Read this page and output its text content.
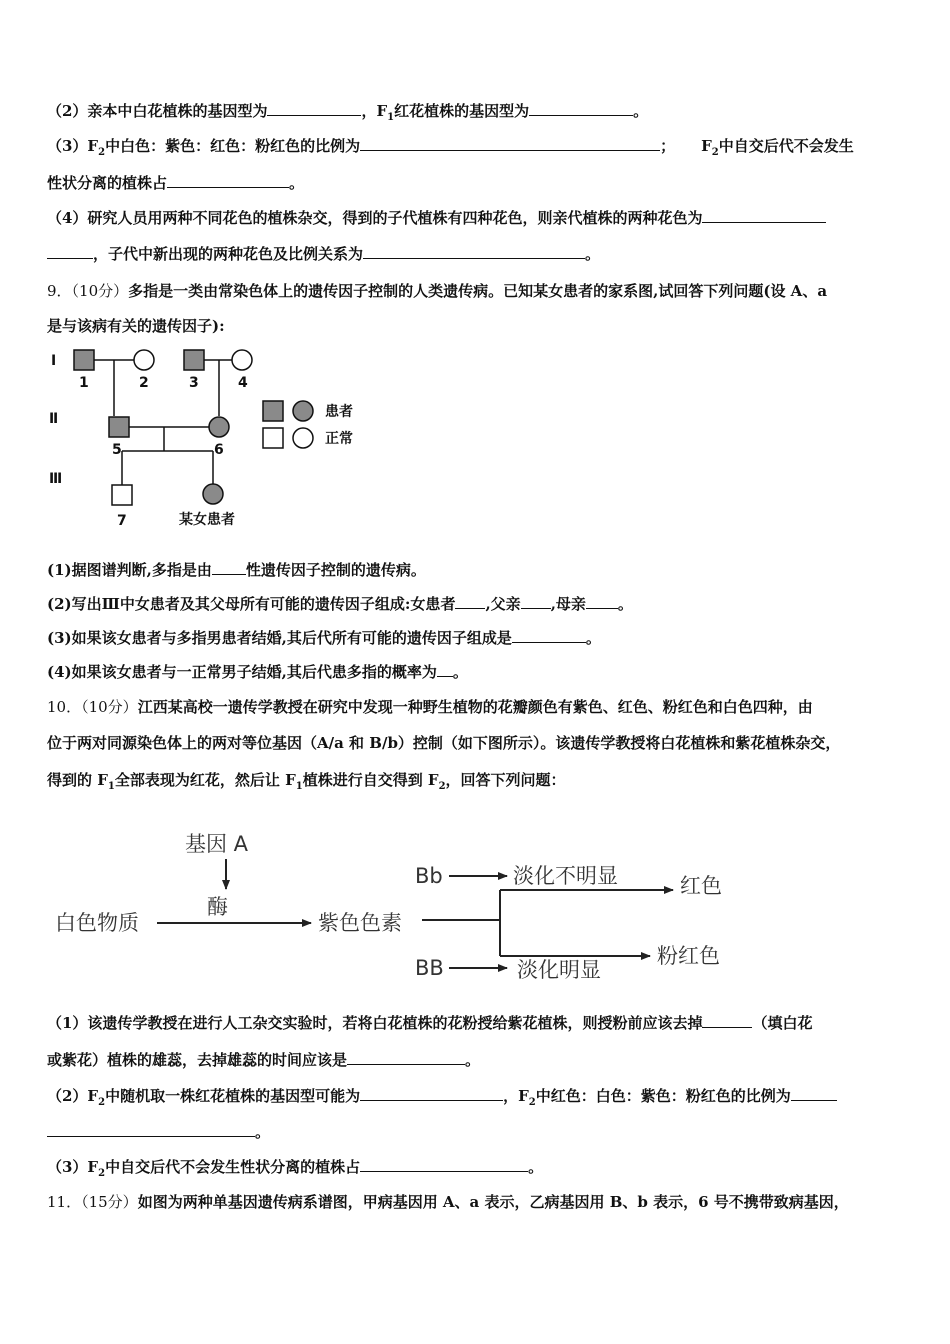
（2）亲本中白花植株的基因型为	，$F_1$红花植株的基因型为	。
$(3)F_2$中白色：紫色：红色：粉红色的比例为	； $F_2$中自交后代不会发生
性状分离的植株占	。
（4）研究人员用两种不同花色的植株杂交，得到的子代植株有四种花色，则亲代植株的两种花色为
，子代中新出现的两种花色及比例关系为	。
9．（10分）多指是一类由常染色体上的遗传因子控制的人类遗传病。已知某女患者的家系图,试回答下列问题(设 A、a
是与该病有关的遗传因子):
Ⅰ
Ⅱ
Ⅲ
1	2	3	4
5	6
7	某女患者
患者
正常
(1)据图谱判断,多指是由 性遗传因子控制的遗传病。
(2)写出Ⅲ中女患者及其父母所有可能的遗传因子组成:女患者 ,父亲 ,母亲 。
(3)如果该女患者与多指男患者结婚,其后代所有可能的遗传因子组成是	。
(4)如果该女患者与一正常男子结婚,其后代患多指的概率为 。
10．（10分）江西某高校一遗传学教授在研究中发现一种野生植物的花瓣颜色有紫色、红色、粉红色和白色四种，由
位于两对同源染色体上的两对等位基因（A/a 和 B/b）控制（如下图所示）。该遗传学教授将白花植株和紫花植株杂交，
得到的 $F_1$全部表现为红花，然后让 $F_1$植株进行自交得到 $F_2$，回答下列问题：
基因 A
酶
白色物质	紫色色素
Bb	淡化不明显	红色
BB	淡化明显
粉红色
（1）该遗传学教授在进行人工杂交实验时，若将白花植株的花粉授给紫花植株，则授粉前应该去掉	（填白花
或紫花）植株的雄蕊，去掉雄蕊的时间应该是	。
$(2)F_2$中随机取一株红花植株的基因型可能为	，$F_2$中红色：白色：紫色：粉红色的比例为
。
$(3)F_2$中自交后代不会发生性状分离的植株占	。
11．（15分）如图为两种单基因遗传病系谱图，甲病基因用 A、a 表示，乙病基因用 B、b 表示，6 号不携带致病基因，
